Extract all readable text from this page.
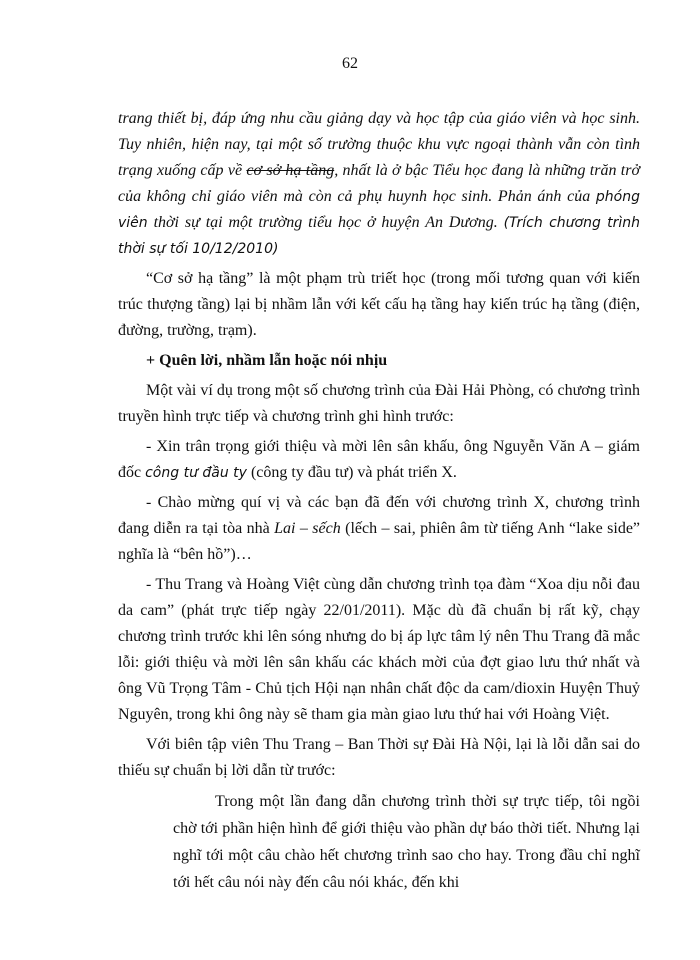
62

trang thiết bị, đáp ứng nhu cầu giảng dạy và học tập của giáo viên và học sinh. Tuy nhiên, hiện nay, tại một số trường thuộc khu vực ngoại thành vẫn còn tình trạng xuống cấp về cơ sở hạ tầng, nhất là ở bậc Tiểu học đang là những trăn trở của không chỉ giáo viên mà còn cả phụ huynh học sinh. Phản ánh của phóng viên thời sự tại một trường tiểu học ở huyện An Dương. (Trích chương trình thời sự tối 10/12/2010)

“Cơ sở hạ tầng” là một phạm trù triết học (trong mối tương quan với kiến trúc thượng tầng) lại bị nhầm lẫn với kết cấu hạ tầng hay kiến trúc hạ tầng (điện, đường, trường, trạm).

+ Quên lời, nhầm lẫn hoặc nói nhịu

Một vài ví dụ trong một số chương trình của Đài Hải Phòng, có chương trình truyền hình trực tiếp và chương trình ghi hình trước:

- Xin trân trọng giới thiệu và mời lên sân khấu, ông Nguyễn Văn A – giám đốc công tư đầu ty (công ty đầu tư) và phát triển X.

- Chào mừng quí vị và các bạn đã đến với chương trình X, chương trình đang diễn ra tại tòa nhà Lai – sếch (lếch – sai, phiên âm từ tiếng Anh “lake side” nghĩa là “bên hồ”)…

- Thu Trang và Hoàng Việt cùng dẫn chương trình tọa đàm “Xoa dịu nỗi đau da cam” (phát trực tiếp ngày 22/01/2011). Mặc dù đã chuẩn bị rất kỹ, chạy chương trình trước khi lên sóng nhưng do bị áp lực tâm lý nên Thu Trang đã mắc lỗi: giới thiệu và mời lên sân khấu các khách mời của đợt giao lưu thứ nhất và ông Vũ Trọng Tâm - Chủ tịch Hội nạn nhân chất độc da cam/dioxin Huyện Thuỷ Nguyên, trong khi ông này sẽ tham gia màn giao lưu thứ hai với Hoàng Việt.

Với biên tập viên Thu Trang – Ban Thời sự Đài Hà Nội, lại là lỗi dẫn sai do thiếu sự chuẩn bị lời dẫn từ trước:

Trong một lần đang dẫn chương trình thời sự trực tiếp, tôi ngồi chờ tới phần hiện hình để giới thiệu vào phần dự báo thời tiết. Nhưng lại nghĩ tới một câu chào hết chương trình sao cho hay. Trong đầu chỉ nghĩ tới hết câu nói này đến câu nói khác, đến khi
